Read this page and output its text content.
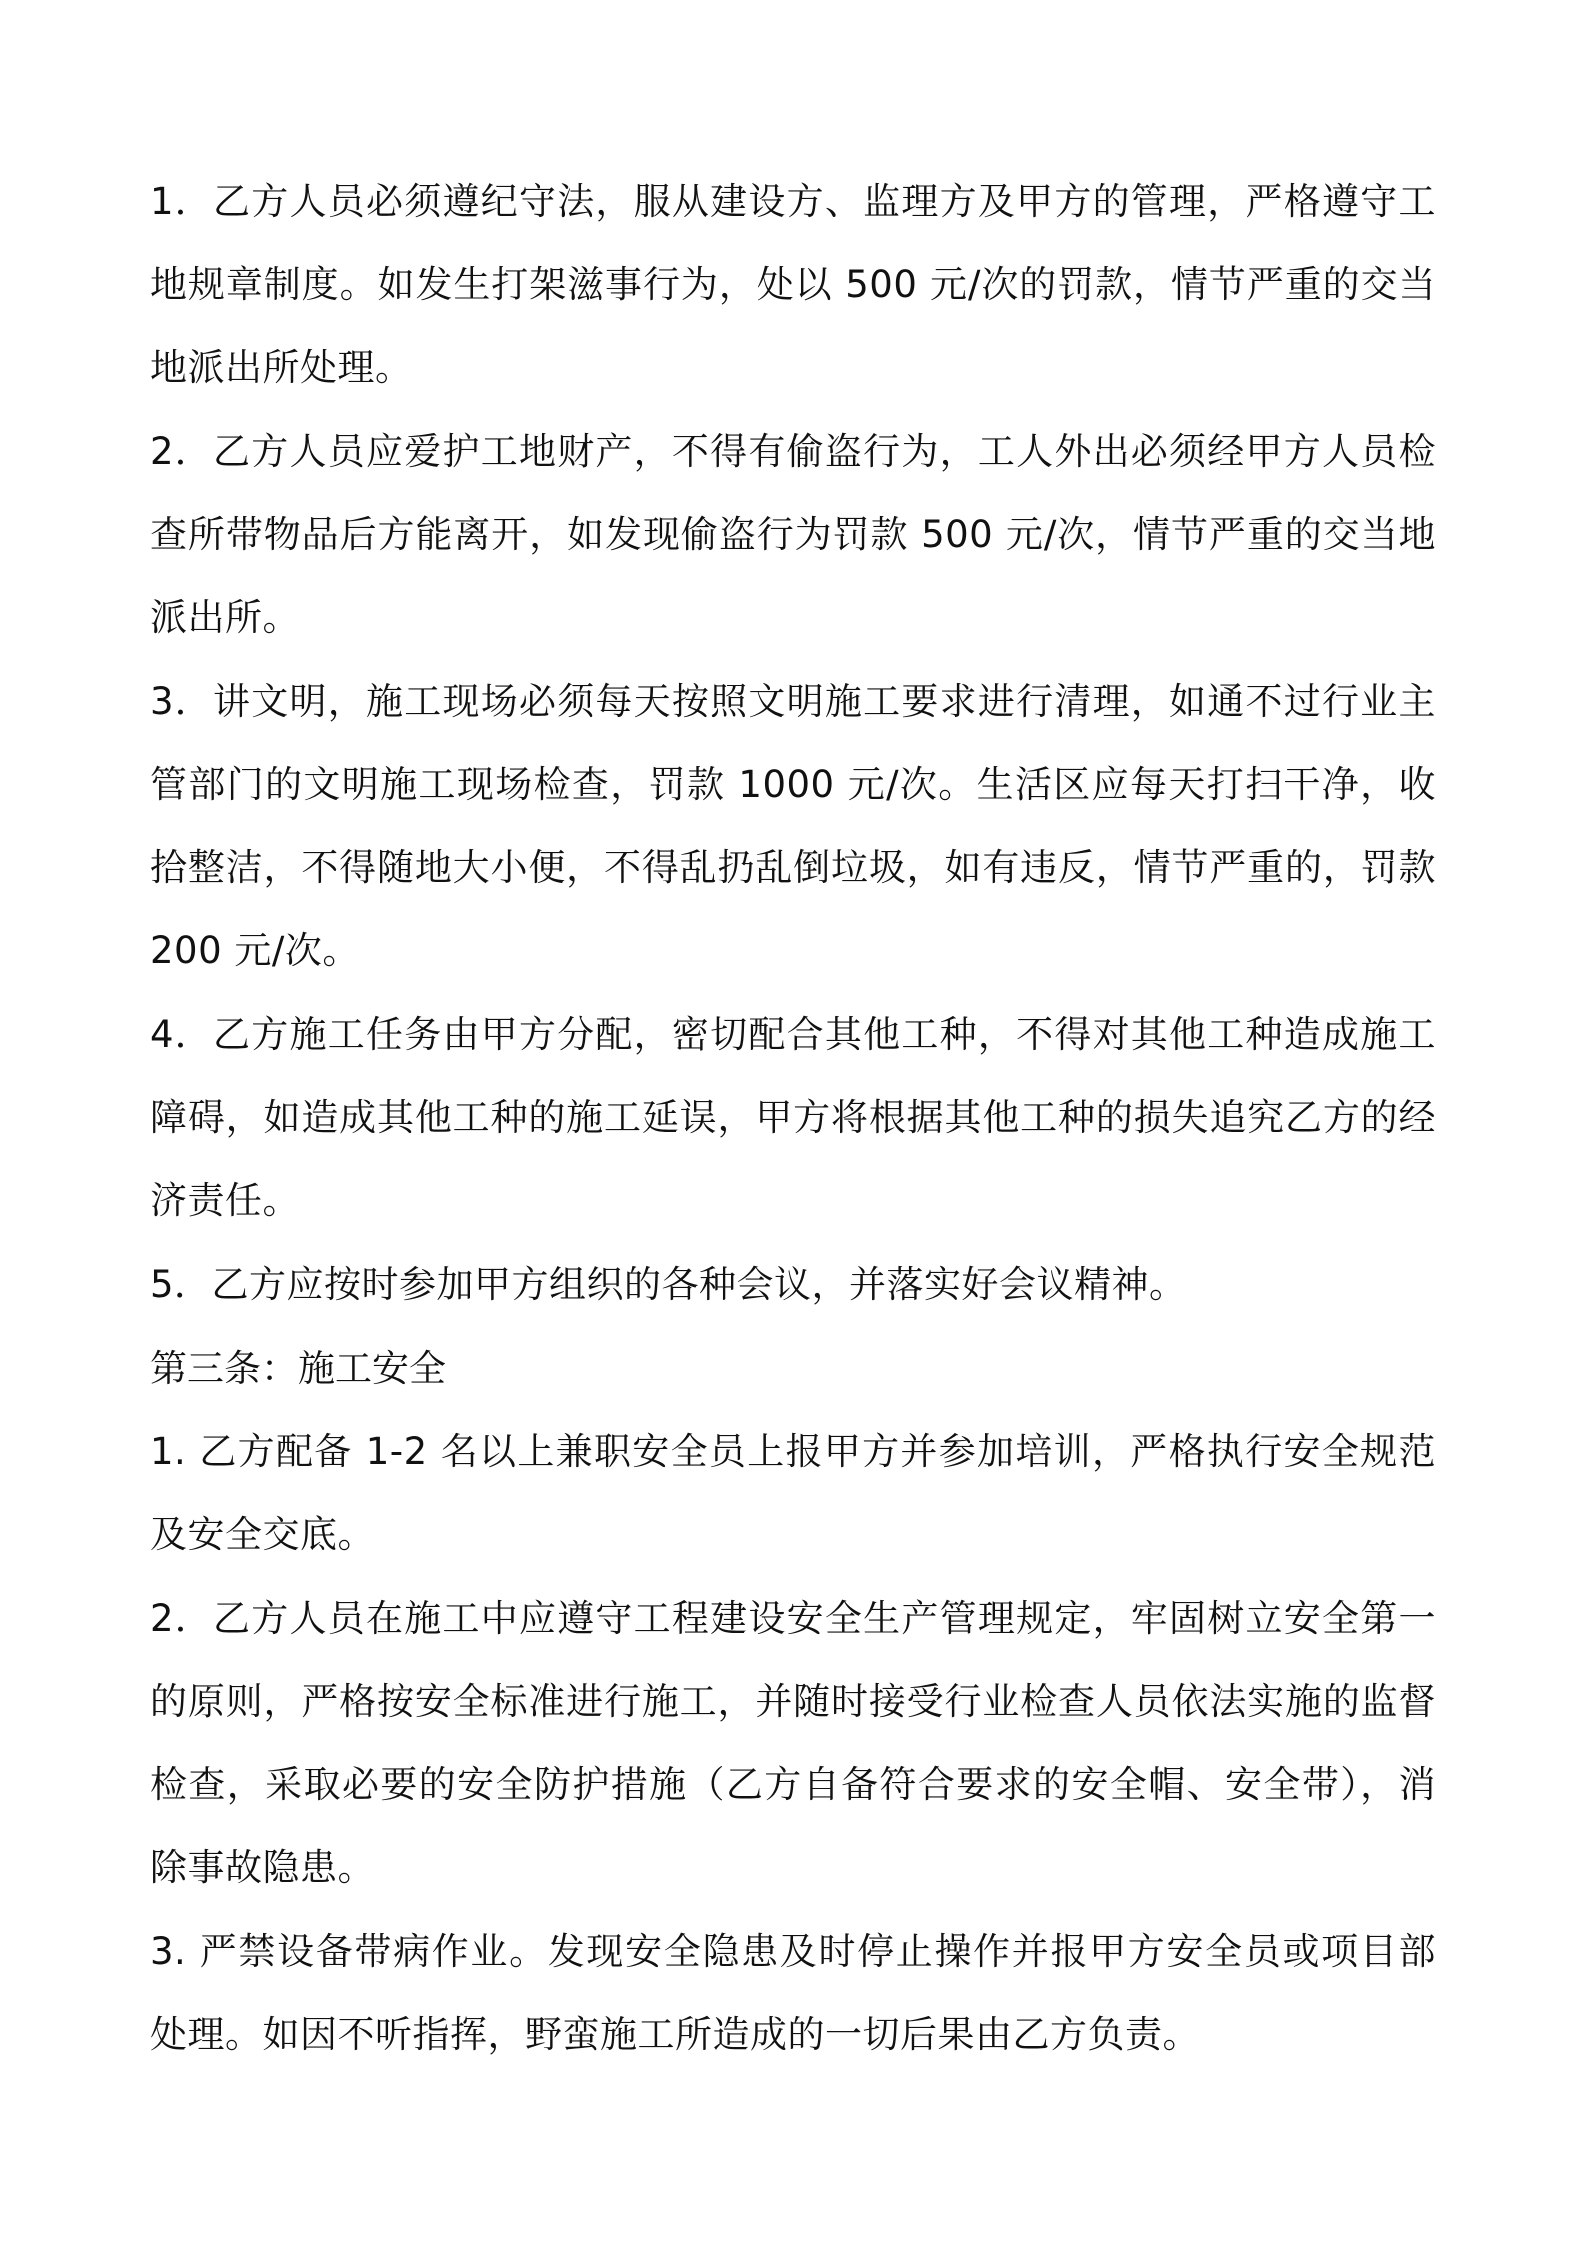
1．乙方人员必须遵纪守法，服从建设方、监理方及甲方的管理，严格遵守工地规章制度。如发生打架滋事行为，处以 500 元/次的罚款，情节严重的交当地派出所处理。

2．乙方人员应爱护工地财产，不得有偷盗行为，工人外出必须经甲方人员检查所带物品后方能离开，如发现偷盗行为罚款 500 元/次，情节严重的交当地派出所。

3．讲文明，施工现场必须每天按照文明施工要求进行清理，如通不过行业主管部门的文明施工现场检查，罚款 1000 元/次。生活区应每天打扫干净，收拾整洁，不得随地大小便，不得乱扔乱倒垃圾，如有违反，情节严重的，罚款 200 元/次。

4．乙方施工任务由甲方分配，密切配合其他工种，不得对其他工种造成施工障碍，如造成其他工种的施工延误，甲方将根据其他工种的损失追究乙方的经济责任。

5．乙方应按时参加甲方组织的各种会议，并落实好会议精神。

第三条：施工安全

1. 乙方配备 1-2 名以上兼职安全员上报甲方并参加培训，严格执行安全规范及安全交底。

2．乙方人员在施工中应遵守工程建设安全生产管理规定，牢固树立安全第一的原则，严格按安全标准进行施工，并随时接受行业检查人员依法实施的监督检查，采取必要的安全防护措施（乙方自备符合要求的安全帽、安全带），消除事故隐患。

3. 严禁设备带病作业。发现安全隐患及时停止操作并报甲方安全员或项目部处理。如因不听指挥，野蛮施工所造成的一切后果由乙方负责。
